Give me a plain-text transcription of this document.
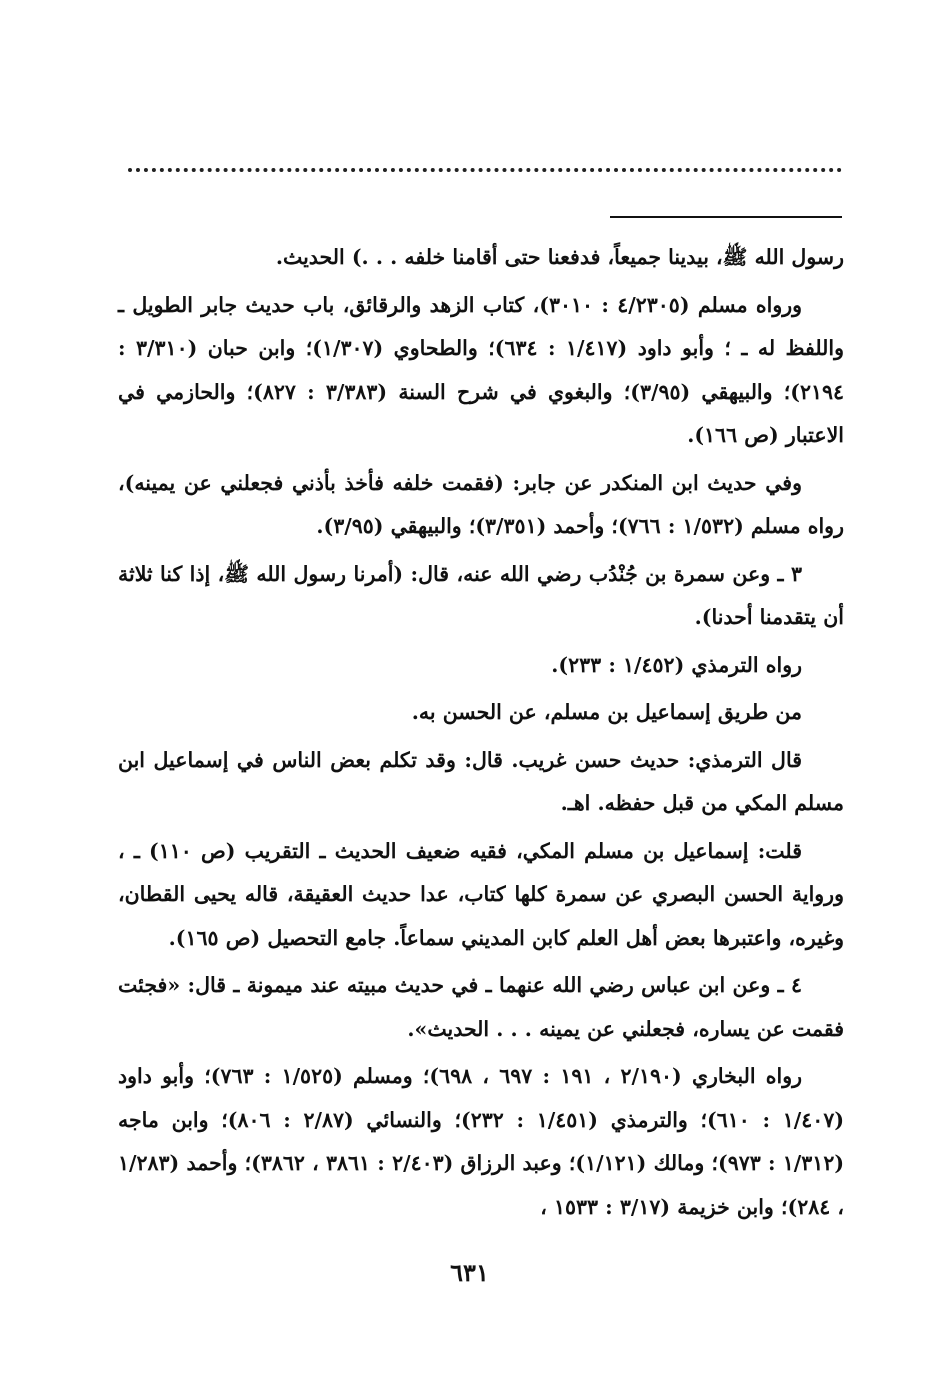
رسول الله ﷺ، بيدينا جميعاً، فدفعنا حتى أقامنا خلفه . . .) الحديث.

ورواه مسلم (٤/٢٣٠٥ : ٣٠١٠)، كتاب الزهد والرقائق، باب حديث جابر الطويل ـ واللفظ له ـ ؛ وأبو داود (١/٤١٧ : ٦٣٤)؛ والطحاوي (١/٣٠٧)؛ وابن حبان (٣/٣١٠ : ٢١٩٤)؛ والبيهقي (٣/٩٥)؛ والبغوي في شرح السنة (٣/٣٨٣ : ٨٢٧)؛ والحازمي في الاعتبار (ص ١٦٦).

وفي حديث ابن المنكدر عن جابر: (فقمت خلفه فأخذ بأذني فجعلني عن يمينه)، رواه مسلم (١/٥٣٢ : ٧٦٦)؛ وأحمد (٣/٣٥١)؛ والبيهقي (٣/٩٥).

٣ ـ وعن سمرة بن جُنْدُب رضي الله عنه، قال: (أمرنا رسول الله ﷺ، إذا كنا ثلاثة أن يتقدمنا أحدنا).

رواه الترمذي (١/٤٥٢ : ٢٣٣).

من طريق إسماعيل بن مسلم، عن الحسن به.

قال الترمذي: حديث حسن غريب. قال: وقد تكلم بعض الناس في إسماعيل ابن مسلم المكي من قبل حفظه. اهـ.

قلت: إسماعيل بن مسلم المكي، فقيه ضعيف الحديث ـ التقريب (ص ١١٠) ـ ، ورواية الحسن البصري عن سمرة كلها كتاب، عدا حديث العقيقة، قاله يحيى القطان، وغيره، واعتبرها بعض أهل العلم كابن المديني سماعاً. جامع التحصيل (ص ١٦٥).

٤ ـ وعن ابن عباس رضي الله عنهما ـ في حديث مبيته عند ميمونة ـ قال: «فجئت فقمت عن يساره، فجعلني عن يمينه . . . الحديث».

رواه البخاري (٢/١٩٠ ، ١٩١ : ٦٩٧ ، ٦٩٨)؛ ومسلم (١/٥٢٥ : ٧٦٣)؛ وأبو داود (١/٤٠٧ : ٦١٠)؛ والترمذي (١/٤٥١ : ٢٣٢)؛ والنسائي (٢/٨٧ : ٨٠٦)؛ وابن ماجه (١/٣١٢ : ٩٧٣)؛ ومالك (١/١٢١)؛ وعبد الرزاق (٢/٤٠٣ : ٣٨٦١ ، ٣٨٦٢)؛ وأحمد (١/٢٨٣ ، ٢٨٤)؛ وابن خزيمة (٣/١٧ : ١٥٣٣ ،

٦٣١
